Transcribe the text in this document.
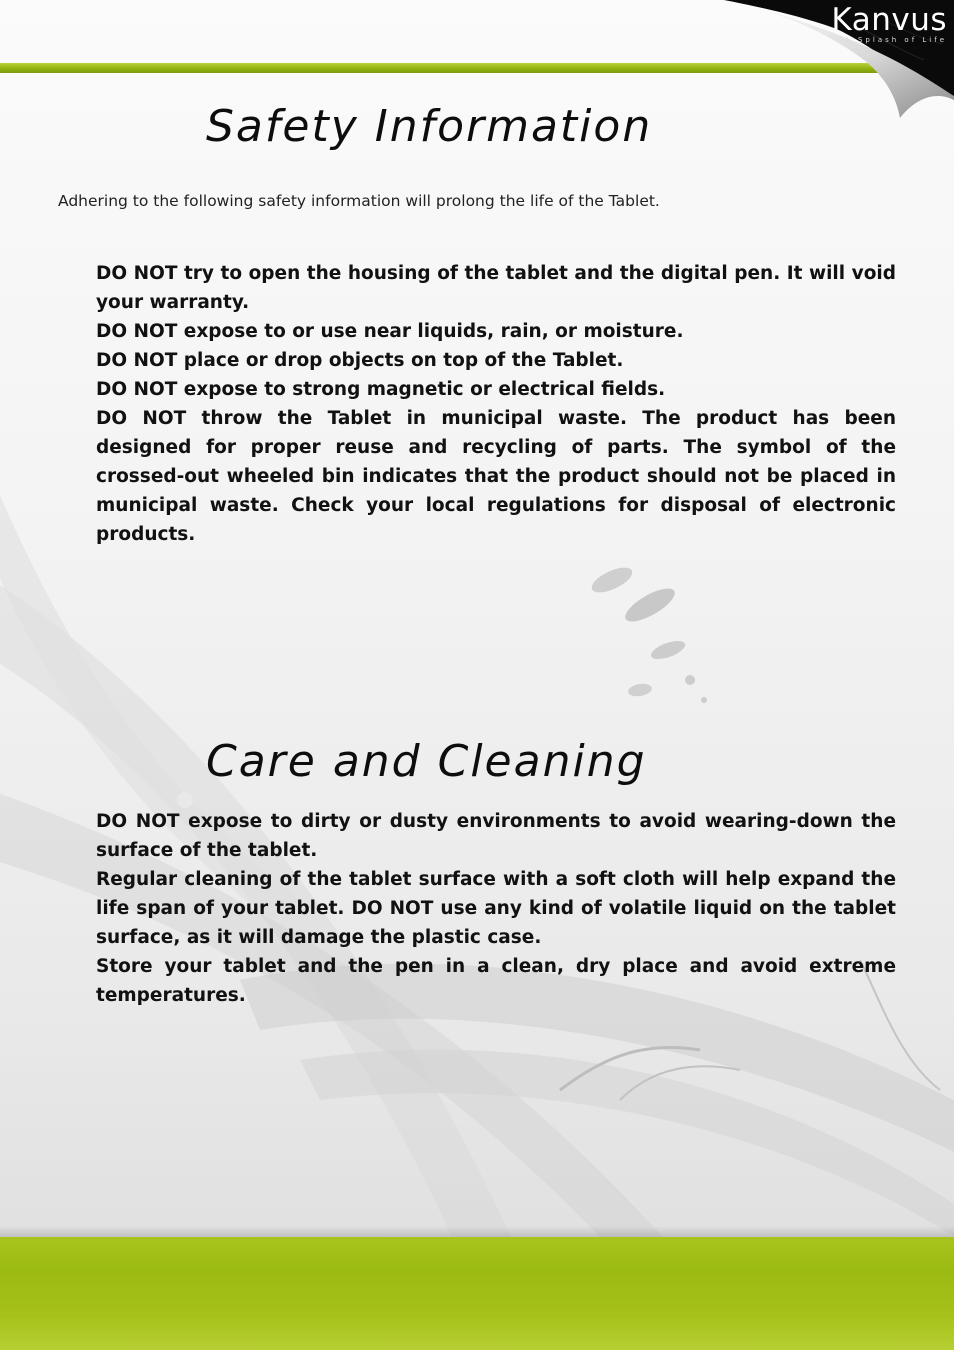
Kanvus
A Splash of Life
Safety Information

Adhering to the following safety information will prolong the life of the Tablet.

DO NOT try to open the housing of the tablet and the digital pen. It will void your warranty.
DO NOT expose to or use near liquids, rain, or moisture.
DO NOT place or drop objects on top of the Tablet.
DO NOT expose to strong magnetic or electrical fields.
DO NOT throw the Tablet in municipal waste. The product has been designed for proper reuse and recycling of parts. The symbol of the crossed-out wheeled bin indicates that the product should not be placed in municipal waste. Check your local regulations for disposal of electronic products.
Care and Cleaning
DO NOT expose to dirty or dusty environments to avoid wearing-down the surface of the tablet.
Regular cleaning of the tablet surface with a soft cloth will help expand the life span of your tablet. DO NOT use any kind of volatile liquid on the tablet surface, as it will damage the plastic case.
Store your tablet and the pen in a clean, dry place and avoid extreme temperatures.
